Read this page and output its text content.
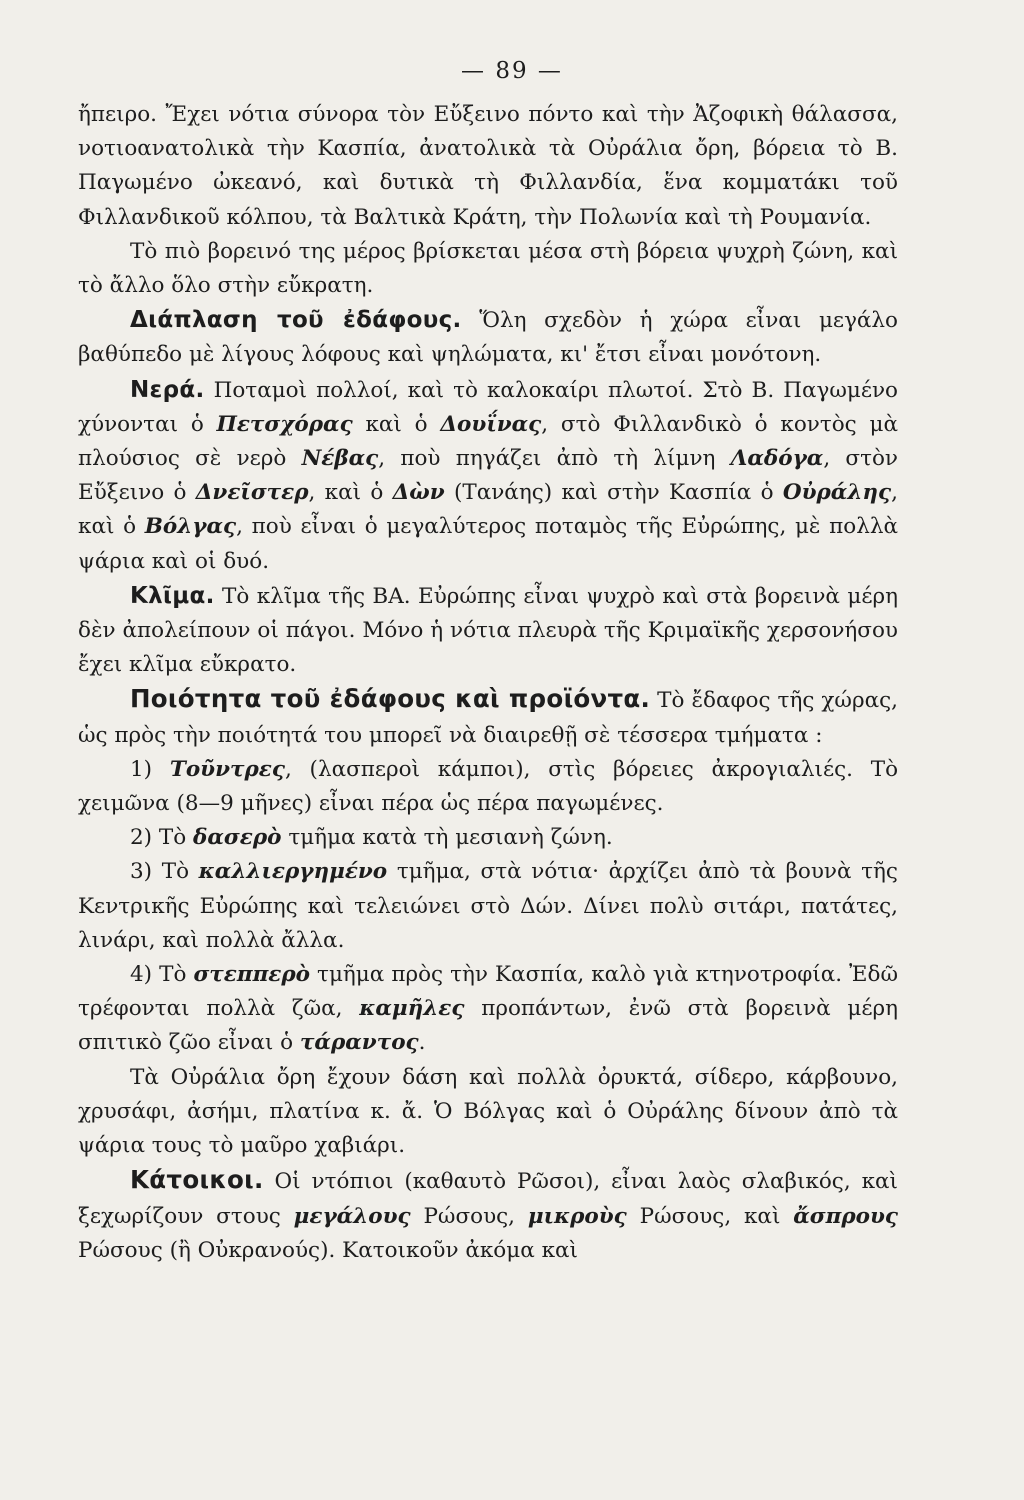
— 89 —

ἤπειρο. Ἔχει νότια σύνορα τὸν Εὔξεινο πόντο καὶ τὴν Ἀζοφικὴ θάλασσα, νοτιοανατολικὰ τὴν Κασπία, ἀνατολικὰ τὰ Οὐράλια ὄρη, βόρεια τὸ Β. Παγωμένο ὠκεανό, καὶ δυτικὰ τὴ Φιλλανδία, ἕνα κομματάκι τοῦ Φιλλανδικοῦ κόλπου, τὰ Βαλτικὰ Κράτη, τὴν Πολωνία καὶ τὴ Ρουμανία.

Τὸ πιὸ βορεινό της μέρος βρίσκεται μέσα στὴ βόρεια ψυχρὴ ζώνη, καὶ τὸ ἄλλο ὅλο στὴν εὔκρατη.

Διάπλαση τοῦ ἐδάφους. Ὅλη σχεδὸν ἡ χώρα εἶναι μεγάλο βαθύπεδο μὲ λίγους λόφους καὶ ψηλώματα, κι' ἔτσι εἶναι μονότονη.

Νερά. Ποταμοὶ πολλοί, καὶ τὸ καλοκαίρι πλωτοί. Στὸ Β. Παγωμένο χύνονται ὁ Πετσχόρας καὶ ὁ Δουΐνας, στὸ Φιλλανδικὸ ὁ κοντὸς μὰ πλούσιος σὲ νερὸ Νέβας, ποὺ πηγάζει ἀπὸ τὴ λίμνη Λαδόγα, στὸν Εὔξεινο ὁ Δνεῖστερ, καὶ ὁ Δὼν (Τανάης) καὶ στὴν Κασπία ὁ Οὐράλης, καὶ ὁ Βόλγας, ποὺ εἶναι ὁ μεγαλύτερος ποταμὸς τῆς Εὐρώπης, μὲ πολλὰ ψάρια καὶ οἱ δυό.

Κλῖμα. Τὸ κλῖμα τῆς ΒΑ. Εὐρώπης εἶναι ψυχρὸ καὶ στὰ βορεινὰ μέρη δὲν ἀπολείπουν οἱ πάγοι. Μόνο ἡ νότια πλευρὰ τῆς Κριμαϊκῆς χερσονήσου ἔχει κλῖμα εὔκρατο.

Ποιότητα τοῦ ἐδάφους καὶ προϊόντα. Τὸ ἔδαφος τῆς χώρας, ὡς πρὸς τὴν ποιότητά του μπορεῖ νὰ διαιρεθῇ σὲ τέσσερα τμήματα :

1) Τοῦντρες, (λασπεροὶ κάμποι), στὶς βόρειες ἀκρογιαλιές. Τὸ χειμῶνα (8—9 μῆνες) εἶναι πέρα ὡς πέρα παγωμένες.

2) Τὸ δασερὸ τμῆμα κατὰ τὴ μεσιανὴ ζώνη.

3) Τὸ καλλιεργημένο τμῆμα, στὰ νότια· ἀρχίζει ἀπὸ τὰ βουνὰ τῆς Κεντρικῆς Εὐρώπης καὶ τελειώνει στὸ Δών. Δίνει πολὺ σιτάρι, πατάτες, λινάρι, καὶ πολλὰ ἄλλα.

4) Τὸ στεππερὸ τμῆμα πρὸς τὴν Κασπία, καλὸ γιὰ κτηνοτροφία. Ἐδῶ τρέφονται πολλὰ ζῶα, καμῆλες προπάντων, ἐνῶ στὰ βορεινὰ μέρη σπιτικὸ ζῶο εἶναι ὁ τάραντος.

Τὰ Οὐράλια ὄρη ἔχουν δάση καὶ πολλὰ ὀρυκτά, σίδερο, κάρβουνο, χρυσάφι, ἀσήμι, πλατίνα κ. ἄ. Ὁ Βόλγας καὶ ὁ Οὐράλης δίνουν ἀπὸ τὰ ψάρια τους τὸ μαῦρο χαβιάρι.

Κάτοικοι. Οἱ ντόπιοι (καθαυτὸ Ρῶσοι), εἶναι λαὸς σλαβικός, καὶ ξεχωρίζουν στους μεγάλους Ρώσους, μικροὺς Ρώσους, καὶ ἄσπρους Ρώσους (ἢ Οὐκρανούς). Κατοικοῦν ἀκόμα καὶ
